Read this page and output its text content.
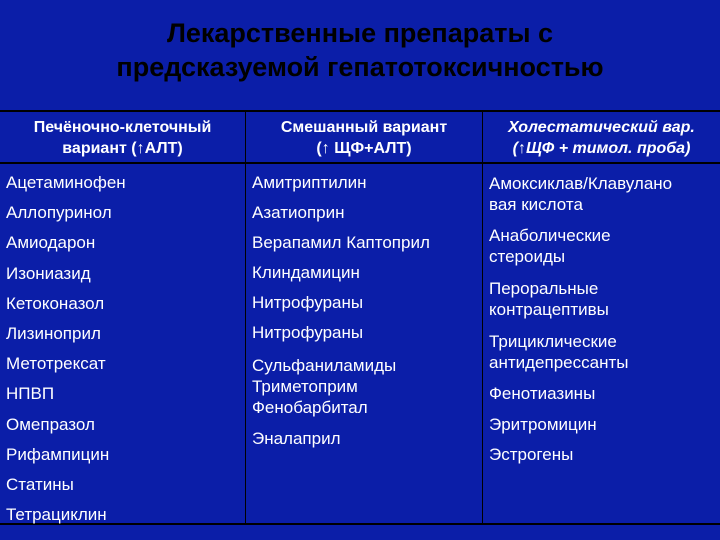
Лекарственные препараты с
предсказуемой гепатотоксичностью
Печёночно-клеточный
вариант (↑АЛТ)
Ацетаминофен
Аллопуринол
Амиодарон
Изониазид
Кетоконазол
Лизиноприл
Метотрексат
НПВП
Омепразол
Рифампицин
Статины
Тетрациклин
Смешанный вариант
(↑ ЩФ+АЛТ)
Амитриптилин
Азатиоприн
Верапамил Каптоприл
Клиндамицин
Нитрофураны
Нитрофураны
Сульфаниламиды
Триметоприм
Фенобарбитал
Эналаприл
Холестатический вар.
(↑ЩФ + тимол. проба)
Амоксиклав/Клавулано
вая кислота
Анаболические
стероиды
Пероральные
контрацептивы
Трициклические
антидепрессанты
Фенотиазины
Эритромицин
Эстрогены
